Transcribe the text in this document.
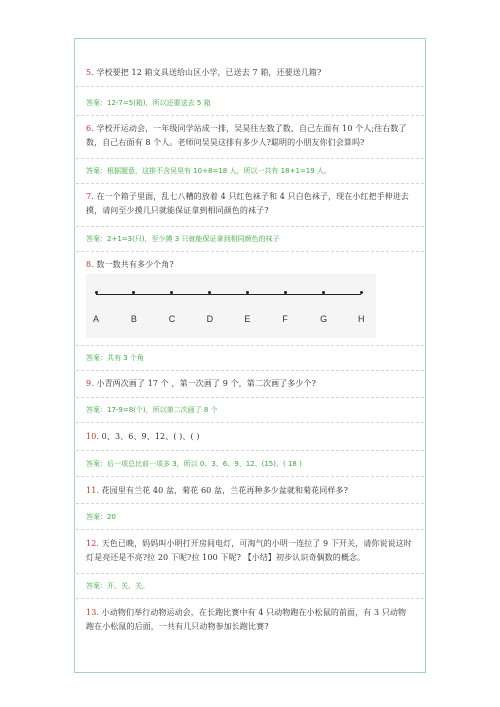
5. 学校要把 12 箱文具送给山区小学，已送去 7 箱，还要送几箱?

答案：12-7=5(箱)，所以还要送去 5 箱

6. 学校开运动会，一年级同学站成一排，吴昊往左数了数，自己左面有 10 个人;往右数了数，自己右面有 8 个人。老师问吴昊这排有多少人?聪明的小朋友你们会算吗?

答案：根据题意，这排不含吴昊有 10+8=18 人，所以一共有 18+1=19 人。

7. 在一个箱子里面，乱七八糟的放着 4 只红色袜子和 4 只白色袜子，现在小红把手伸进去摸，请问至少摸几只就能保证拿到相同颜色的袜子?

答案：2+1=3(只)，至少摸 3 只就能保证拿到相同颜色的袜子

8. 数一数共有多少个角?

A	B	C	D	E	F	G	H

答案：共有 3 个角

9. 小青两次画了 17 个 ，第一次画了 9 个，第二次画了多少个?

答案：17-9=8(个)，所以第二次画了 8 个

10. 0、3、6、9、12、( )、( )

答案：后一项总比前一项多 3，所以 0、3、6、9、12、(15)、( 18 )

11. 花园里有兰花 40 盆，菊花 60 盆，兰花再种多少盆就和菊花同样多?

答案：20

12. 天色已晚，妈妈叫小明打开房间电灯，可淘气的小明一连拉了 9 下开关，请你说说这时灯是亮还是不亮?拉 20 下呢?拉 100 下呢? 【小结】初步认识奇偶数的概念。

答案：开、关、关。

13. 小动物们举行动物运动会，在长跑比赛中有 4 只动物跑在小松鼠的前面，有 3 只动物跑在小松鼠的后面，一共有几只动物参加长跑比赛?
